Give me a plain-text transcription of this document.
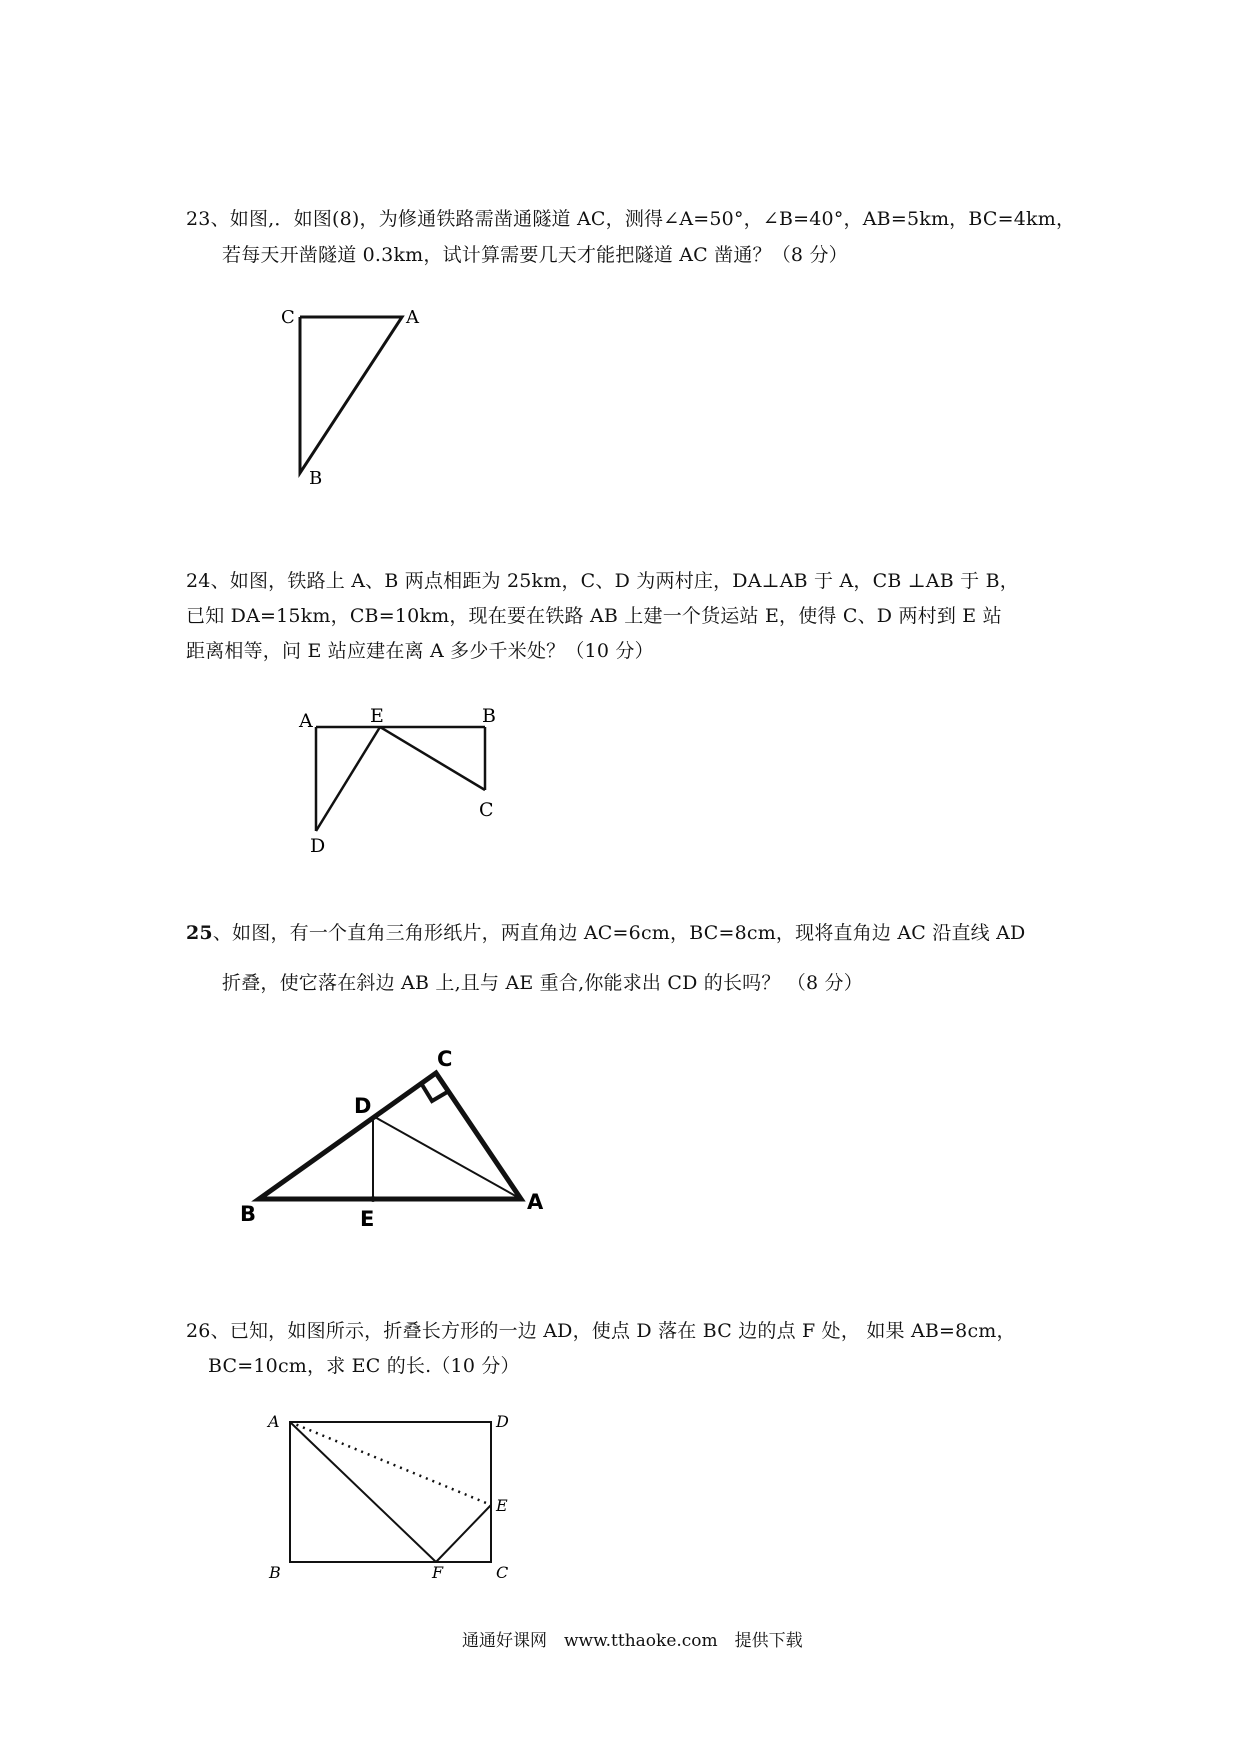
23、如图,．如图(8)，为修通铁路需凿通隧道 AC，测得∠A=50°，∠B=40°，AB=5km，BC=4km，
若每天开凿隧道 0.3km，试计算需要几天才能把隧道 AC 凿通？（8 分）
C	A
B
24、如图，铁路上 A、B 两点相距为 25km，C、D 为两村庄，DA⊥AB 于 A，CB ⊥AB 于 B，
已知 DA=15km，CB=10km，现在要在铁路 AB 上建一个货运站 E，使得 C、D 两村到 E 站
距离相等，问 E 站应建在离 A 多少千米处？（10 分）
A	E	B
C
D
25、如图，有一个直角三角形纸片，两直角边 AC=6cm，BC=8cm，现将直角边 AC 沿直线 AD
折叠，使它落在斜边 AB 上,且与 AE 重合,你能求出 CD 的长吗？ （8 分）
C
D
B	E
A
26、已知，如图所示，折叠长方形的一边 AD，使点 D 落在 BC 边的点 F 处， 如果 AB=8cm，
BC=10cm，求 EC 的长.（10 分）
A	D
E
B	F	C
通通好课网　www.tthaoke.com　提供下载
